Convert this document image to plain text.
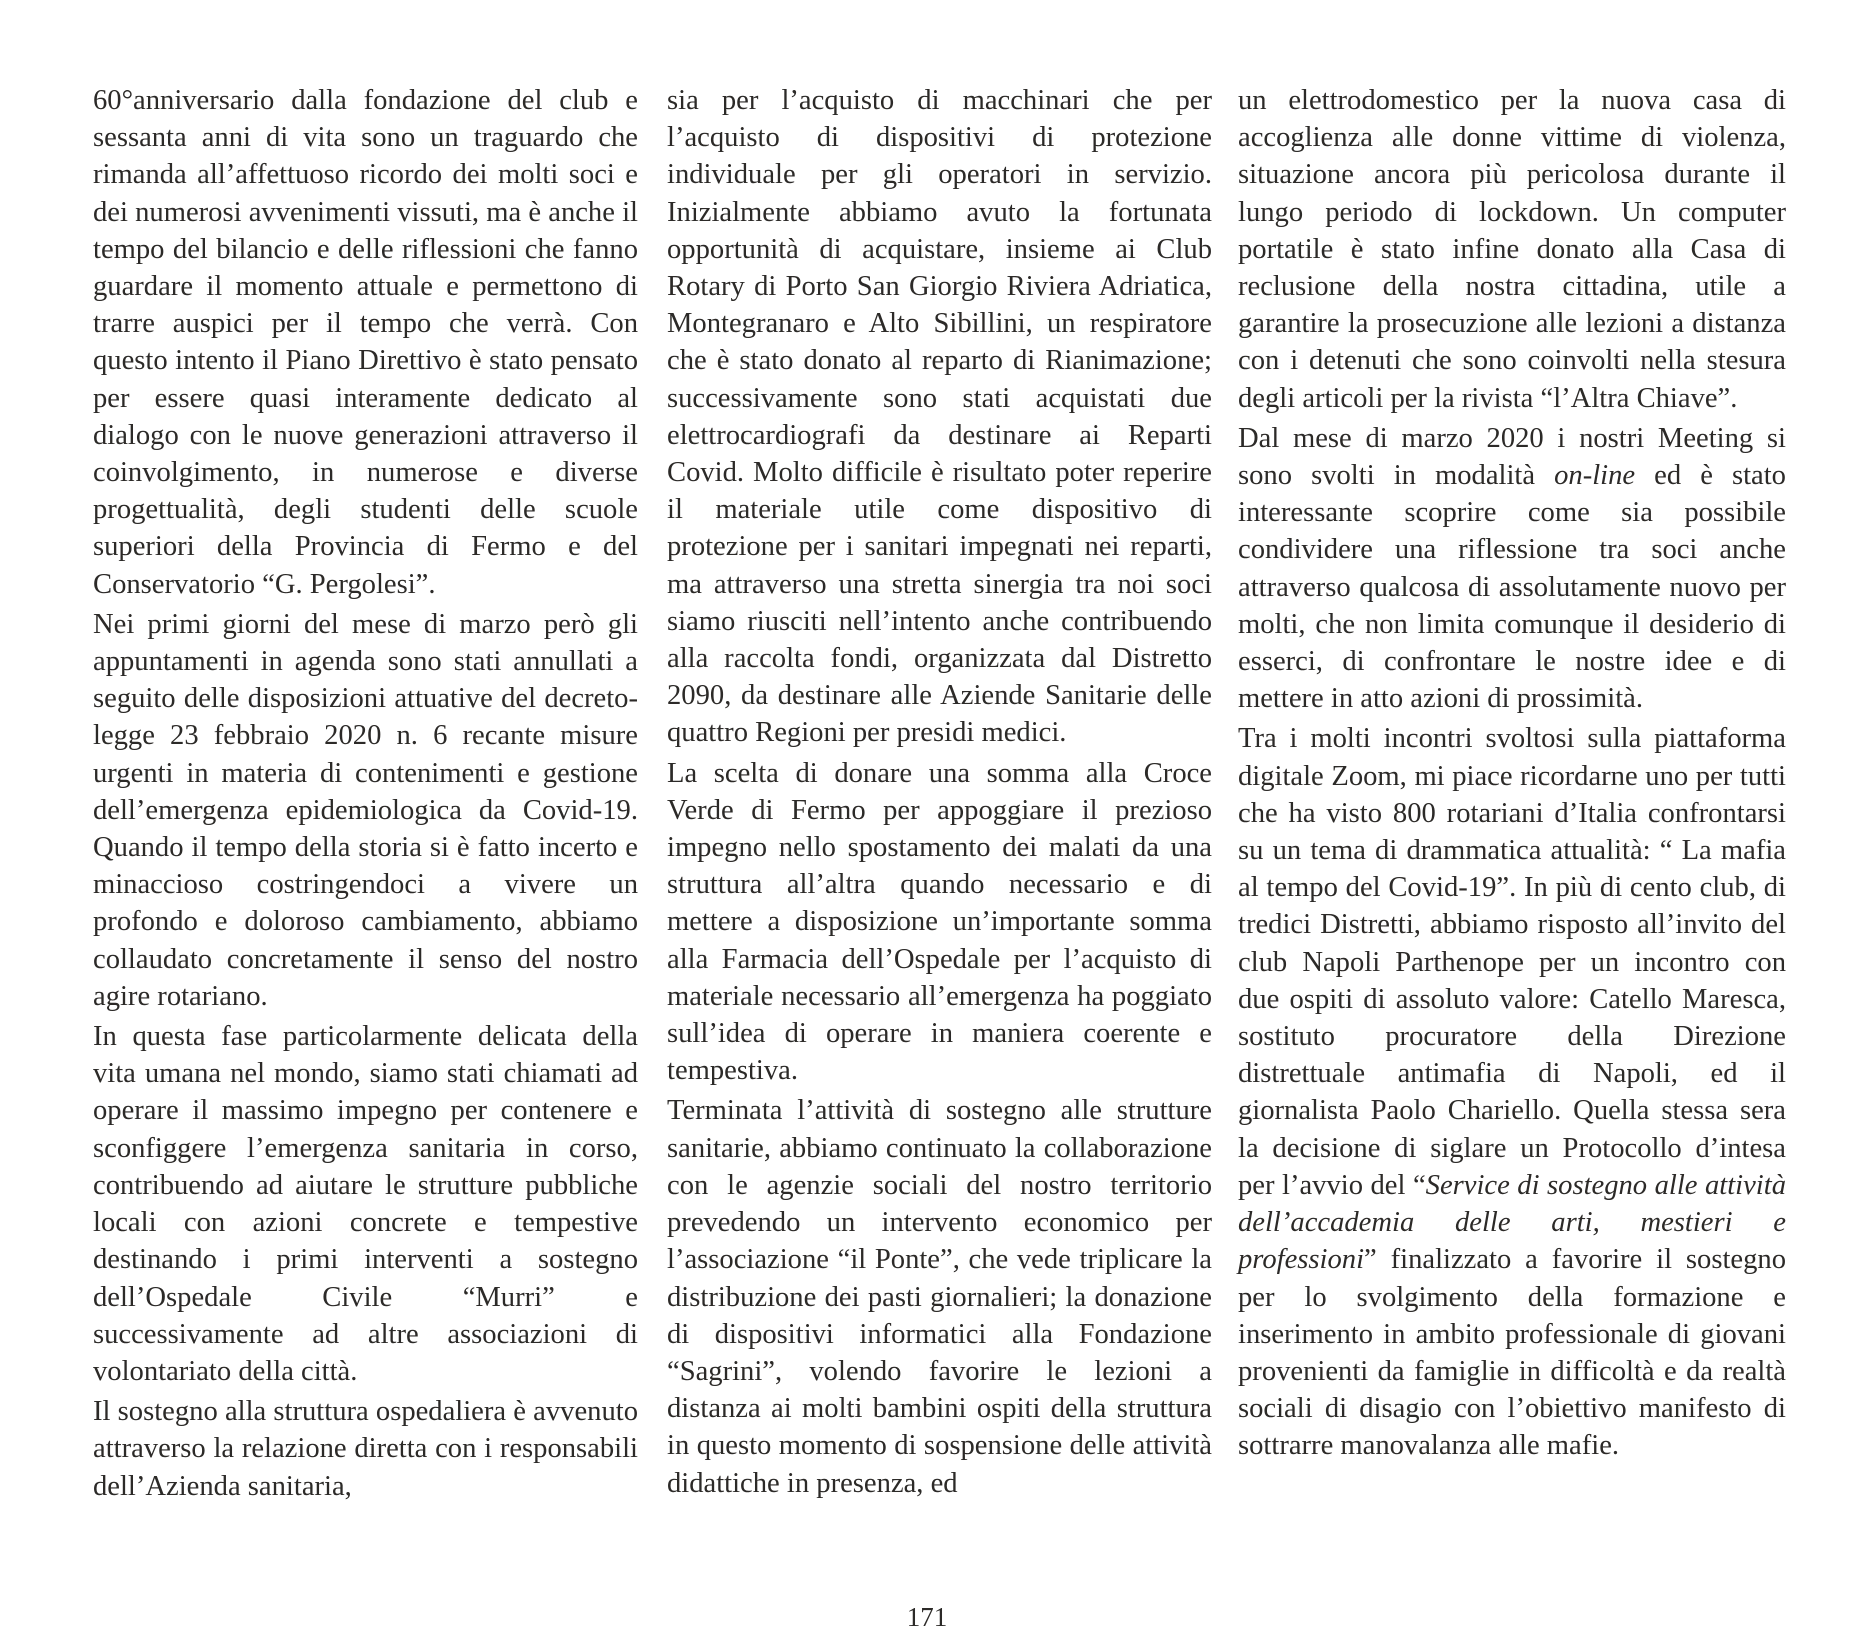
60°anniversario dalla fondazione del club e sessanta anni di vita sono un traguardo che rimanda all’affettuoso ricordo dei molti soci e dei numerosi avvenimenti vissuti, ma è anche il tempo del bilancio e delle riflessioni che fanno guardare il momento attuale e permettono di trarre auspici per il tempo che verrà. Con questo intento il Piano Direttivo è stato pensato per essere quasi interamente dedicato al dialogo con le nuove generazioni attraverso il coinvolgimento, in numerose e diverse progettualità, degli studenti delle scuole superiori della Provincia di Fermo e del Conservatorio “G. Pergolesi”.

Nei primi giorni del mese di marzo però gli appuntamenti in agenda sono stati annullati a seguito delle disposizioni attuative del decreto-legge 23 febbraio 2020 n. 6 recante misure urgenti in materia di contenimenti e gestione dell’emergenza epidemiologica da Covid-19. Quando il tempo della storia si è fatto incerto e minaccioso costringendoci a vivere un profondo e doloroso cambiamento, abbiamo collaudato concretamente il senso del nostro agire rotariano.

In questa fase particolarmente delicata della vita umana nel mondo, siamo stati chiamati ad operare il massimo impegno per contenere e sconfiggere l’emergenza sanitaria in corso, contribuendo ad aiutare le strutture pubbliche locali con azioni concrete e tempestive destinando i primi interventi a sostegno dell’Ospedale Civile “Murri” e successivamente ad altre associazioni di volontariato della città.

Il sostegno alla struttura ospedaliera è avvenuto attraverso la relazione diretta con i responsabili dell’Azienda sanitaria,

sia per l’acquisto di macchinari che per l’acquisto di dispositivi di protezione individuale per gli operatori in servizio. Inizialmente abbiamo avuto la fortunata opportunità di acquistare, insieme ai Club Rotary di Porto San Giorgio Riviera Adriatica, Montegranaro e Alto Sibillini, un respiratore che è stato donato al reparto di Rianimazione; successivamente sono stati acquistati due elettrocardiografi da destinare ai Reparti Covid. Molto difficile è risultato poter reperire il materiale utile come dispositivo di protezione per i sanitari impegnati nei reparti, ma attraverso una stretta sinergia tra noi soci siamo riusciti nell’intento anche contribuendo alla raccolta fondi, organizzata dal Distretto 2090, da destinare alle Aziende Sanitarie delle quattro Regioni per presidi medici.

La scelta di donare una somma alla Croce Verde di Fermo per appoggiare il prezioso impegno nello spostamento dei malati da una struttura all’altra quando necessario e di mettere a disposizione un’importante somma alla Farmacia dell’Ospedale per l’acquisto di materiale necessario all’emergenza ha poggiato sull’idea di operare in maniera coerente e tempestiva.

Terminata l’attività di sostegno alle strutture sanitarie, abbiamo continuato la collaborazione con le agenzie sociali del nostro territorio prevedendo un intervento economico per l’associazione “il Ponte”, che vede triplicare la distribuzione dei pasti giornalieri; la donazione di dispositivi informatici alla Fondazione “Sagrini”, volendo favorire le lezioni a distanza ai molti bambini ospiti della struttura in questo momento di sospensione delle attività didattiche in presenza, ed

un elettrodomestico per la nuova casa di accoglienza alle donne vittime di violenza, situazione ancora più pericolosa durante il lungo periodo di lockdown. Un computer portatile è stato infine donato alla Casa di reclusione della nostra cittadina, utile a garantire la prosecuzione alle lezioni a distanza con i detenuti che sono coinvolti nella stesura degli articoli per la rivista “l’Altra Chiave”.

Dal mese di marzo 2020 i nostri Meeting si sono svolti in modalità on-line ed è stato interessante scoprire come sia possibile condividere una riflessione tra soci anche attraverso qualcosa di assolutamente nuovo per molti, che non limita comunque il desiderio di esserci, di confrontare le nostre idee e di mettere in atto azioni di prossimità.

Tra i molti incontri svoltosi sulla piattaforma digitale Zoom, mi piace ricordarne uno per tutti che ha visto 800 rotariani d’Italia confrontarsi su un tema di drammatica attualità: “ La mafia al tempo del Covid-19”. In più di cento club, di tredici Distretti, abbiamo risposto all’invito del club Napoli Parthenope per un incontro con due ospiti di assoluto valore: Catello Maresca, sostituto procuratore della Direzione distrettuale antimafia di Napoli, ed il giornalista Paolo Chariello. Quella stessa sera la decisione di siglare un Protocollo d’intesa per l’avvio del “Service di sostegno alle attività dell’accademia delle arti, mestieri e professioni” finalizzato a favorire il sostegno per lo svolgimento della formazione e inserimento in ambito professionale di giovani provenienti da famiglie in difficoltà e da realtà sociali di disagio con l’obiettivo manifesto di sottrarre manovalanza alle mafie.

171
